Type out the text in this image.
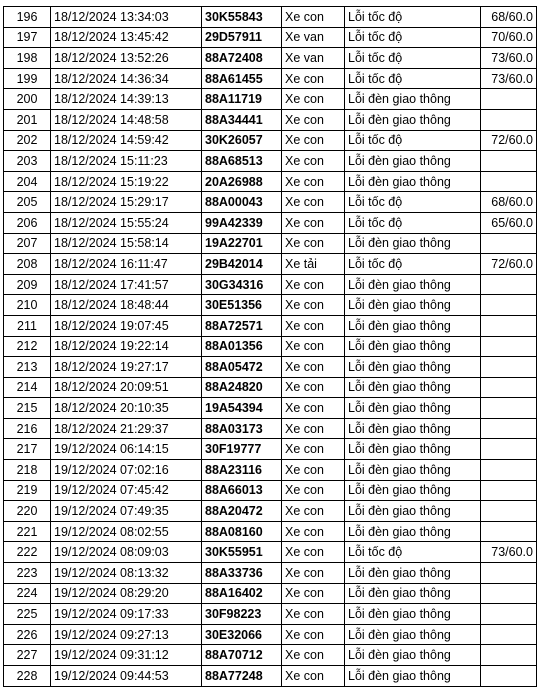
196	18/12/2024 13:34:03	30K55843	Xe con	Lỗi tốc độ	68/60.0
197	18/12/2024 13:45:42	29D57911	Xe van	Lỗi tốc độ	70/60.0
198	18/12/2024 13:52:26	88A72408	Xe van	Lỗi tốc độ	73/60.0
199	18/12/2024 14:36:34	88A61455	Xe con	Lỗi tốc độ	73/60.0
200	18/12/2024 14:39:13	88A11719	Xe con	Lỗi đèn giao thông	
201	18/12/2024 14:48:58	88A34441	Xe con	Lỗi đèn giao thông	
202	18/12/2024 14:59:42	30K26057	Xe con	Lỗi tốc độ	72/60.0
203	18/12/2024 15:11:23	88A68513	Xe con	Lỗi đèn giao thông	
204	18/12/2024 15:19:22	20A26988	Xe con	Lỗi đèn giao thông	
205	18/12/2024 15:29:17	88A00043	Xe con	Lỗi tốc độ	68/60.0
206	18/12/2024 15:55:24	99A42339	Xe con	Lỗi tốc độ	65/60.0
207	18/12/2024 15:58:14	19A22701	Xe con	Lỗi đèn giao thông	
208	18/12/2024 16:11:47	29B42014	Xe tải	Lỗi tốc độ	72/60.0
209	18/12/2024 17:41:57	30G34316	Xe con	Lỗi đèn giao thông	
210	18/12/2024 18:48:44	30E51356	Xe con	Lỗi đèn giao thông	
211	18/12/2024 19:07:45	88A72571	Xe con	Lỗi đèn giao thông	
212	18/12/2024 19:22:14	88A01356	Xe con	Lỗi đèn giao thông	
213	18/12/2024 19:27:17	88A05472	Xe con	Lỗi đèn giao thông	
214	18/12/2024 20:09:51	88A24820	Xe con	Lỗi đèn giao thông	
215	18/12/2024 20:10:35	19A54394	Xe con	Lỗi đèn giao thông	
216	18/12/2024 21:29:37	88A03173	Xe con	Lỗi đèn giao thông	
217	19/12/2024 06:14:15	30F19777	Xe con	Lỗi đèn giao thông	
218	19/12/2024 07:02:16	88A23116	Xe con	Lỗi đèn giao thông	
219	19/12/2024 07:45:42	88A66013	Xe con	Lỗi đèn giao thông	
220	19/12/2024 07:49:35	88A20472	Xe con	Lỗi đèn giao thông	
221	19/12/2024 08:02:55	88A08160	Xe con	Lỗi đèn giao thông	
222	19/12/2024 08:09:03	30K55951	Xe con	Lỗi tốc độ	73/60.0
223	19/12/2024 08:13:32	88A33736	Xe con	Lỗi đèn giao thông	
224	19/12/2024 08:29:20	88A16402	Xe con	Lỗi đèn giao thông	
225	19/12/2024 09:17:33	30F98223	Xe con	Lỗi đèn giao thông	
226	19/12/2024 09:27:13	30E32066	Xe con	Lỗi đèn giao thông	
227	19/12/2024 09:31:12	88A70712	Xe con	Lỗi đèn giao thông	
228	19/12/2024 09:44:53	88A77248	Xe con	Lỗi đèn giao thông	
